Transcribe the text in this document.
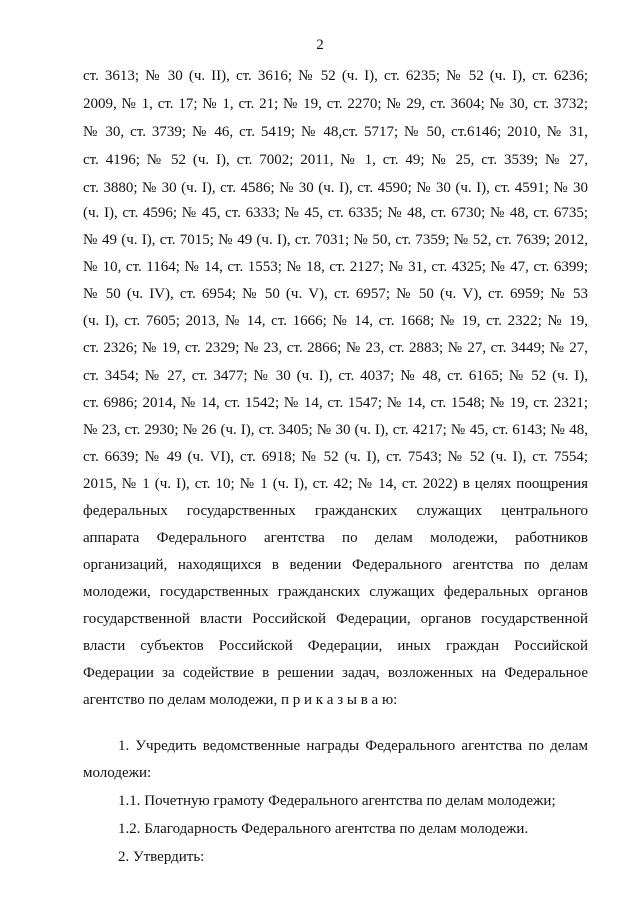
2
ст. 3613; № 30 (ч. II), ст. 3616; № 52 (ч. I), ст. 6235; № 52 (ч. I), ст. 6236;
2009, № 1, ст. 17; № 1, ст. 21; № 19, ст. 2270; № 29, ст. 3604; № 30, ст. 3732;
№ 30, ст. 3739; № 46, ст. 5419; № 48,ст. 5717; № 50, ст.6146; 2010, № 31,
ст. 4196; № 52 (ч. I), ст. 7002; 2011, № 1, ст. 49; № 25, ст. 3539; № 27,
ст. 3880; № 30 (ч. I), ст. 4586; № 30 (ч. I), ст. 4590; № 30 (ч. I), ст. 4591; № 30
(ч. I), ст. 4596; № 45, ст. 6333; № 45, ст. 6335; № 48, ст. 6730; № 48, ст. 6735;
№ 49 (ч. I), ст. 7015; № 49 (ч. I), ст. 7031; № 50, ст. 7359; № 52, ст. 7639; 2012,
№ 10, ст. 1164; № 14, ст. 1553; № 18, ст. 2127; № 31, ст. 4325; № 47, ст. 6399;
№ 50 (ч. IV), ст. 6954; № 50 (ч. V), ст. 6957; № 50 (ч. V), ст. 6959; № 53
(ч. I), ст. 7605; 2013, № 14, ст. 1666; № 14, ст. 1668; № 19, ст. 2322; № 19,
ст. 2326; № 19, ст. 2329; № 23, ст. 2866; № 23, ст. 2883; № 27, ст. 3449; № 27,
ст. 3454; № 27, ст. 3477; № 30 (ч. I), ст. 4037; № 48, ст. 6165; № 52 (ч. I),
ст. 6986; 2014, № 14, ст. 1542; № 14, ст. 1547; № 14, ст. 1548; № 19, ст. 2321;
№ 23, ст. 2930; № 26 (ч. I), ст. 3405; № 30 (ч. I), ст. 4217; № 45, ст. 6143; № 48,
ст. 6639; № 49 (ч. VI), ст. 6918; № 52 (ч. I), ст. 7543; № 52 (ч. I), ст. 7554;
2015, № 1 (ч. I), ст. 10; № 1 (ч. I), ст. 42; № 14, ст. 2022) в целях поощрения
федеральных государственных гражданских служащих центрального
аппарата Федерального агентства по делам молодежи, работников
организаций, находящихся в ведении Федерального агентства по делам
молодежи, государственных гражданских служащих федеральных органов
государственной власти Российской Федерации, органов государственной
власти субъектов Российской Федерации, иных граждан Российской
Федерации за содействие в решении задач, возложенных на Федеральное
агентство по делам молодежи, п р и к а з ы в а ю:
1. Учредить ведомственные награды Федерального агентства по делам
молодежи:
1.1. Почетную грамоту Федерального агентства по делам молодежи;
1.2. Благодарность Федерального агентства по делам молодежи.
2. Утвердить:
